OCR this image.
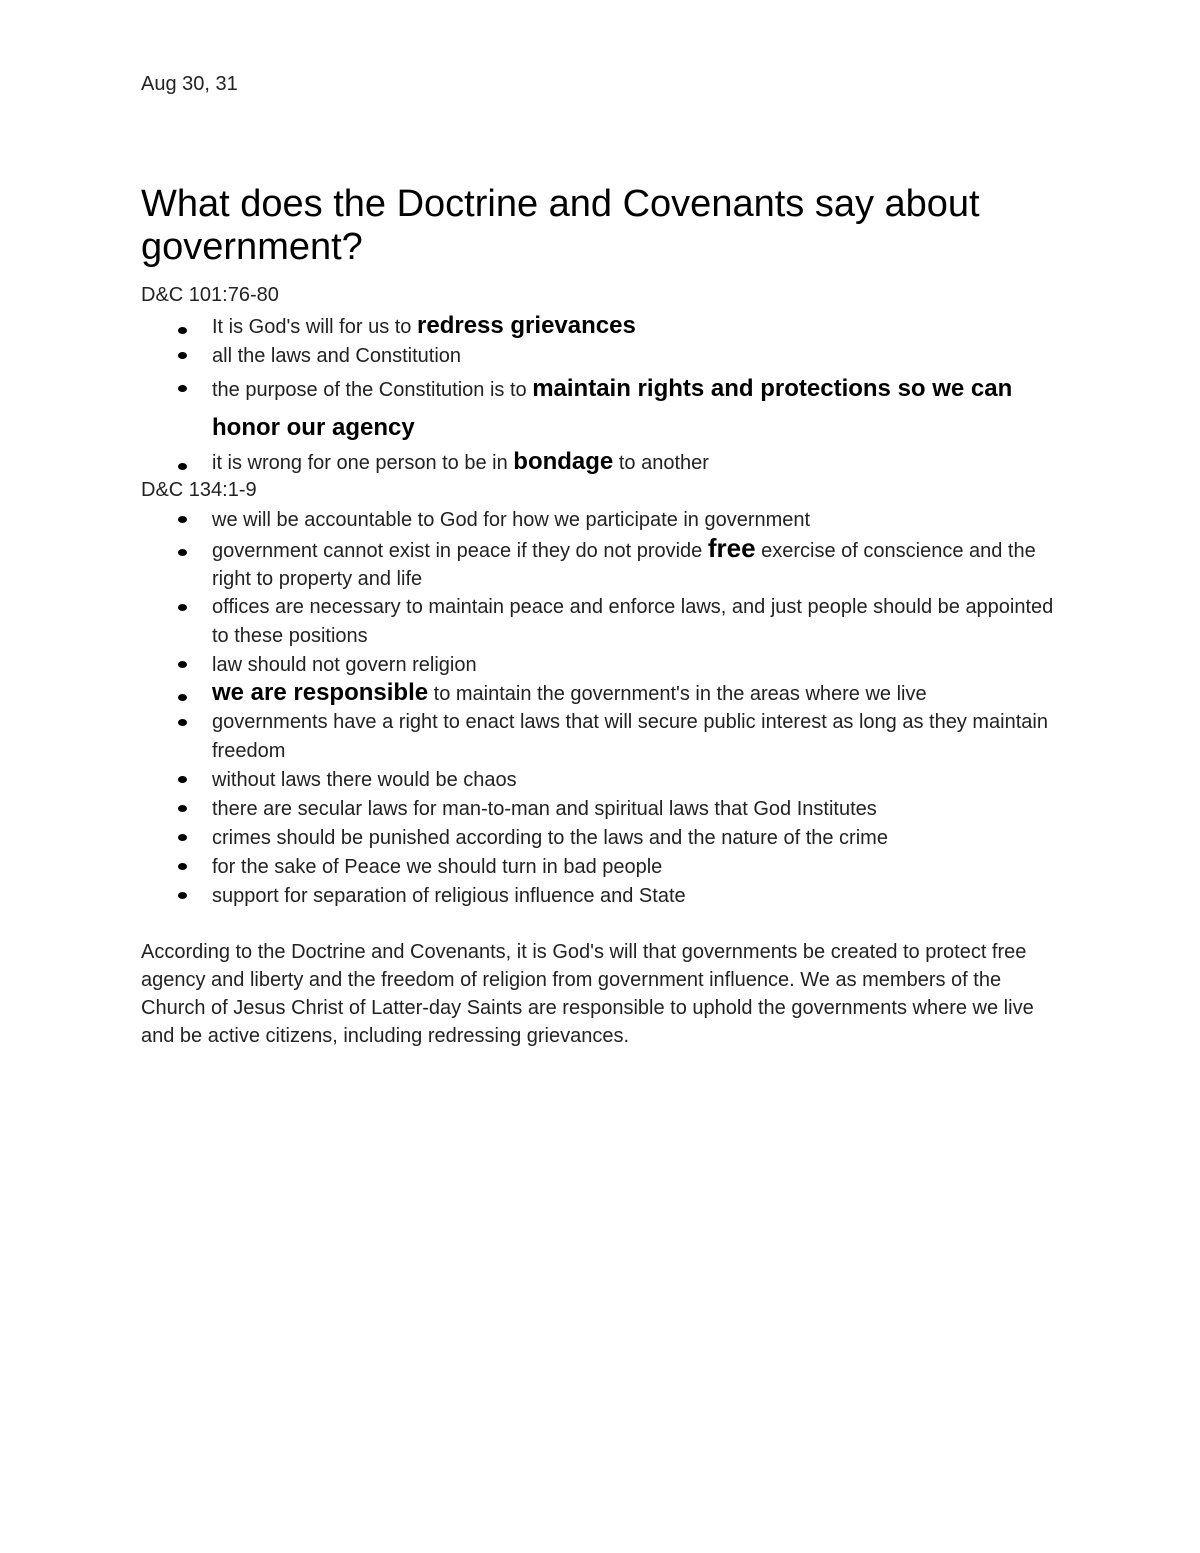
Aug 30, 31
What does the Doctrine and Covenants say about government?
D&C 101:76-80
It is God's will for us to redress grievances
all the laws and Constitution
the purpose of the Constitution is to maintain rights and protections so we can honor our agency
it is wrong for one person to be in bondage to another
D&C 134:1-9
we will be accountable to God for how we participate in government
government cannot exist in peace if they do not provide free exercise of conscience and the right to property and life
offices are necessary to maintain peace and enforce laws, and just people should be appointed to these positions
law should not govern religion
we are responsible to maintain the government's in the areas where we live
governments have a right to enact laws that will secure public interest as long as they maintain freedom
without laws there would be chaos
there are secular laws for man-to-man and spiritual laws that God Institutes
crimes should be punished according to the laws and the nature of the crime
for the sake of Peace we should turn in bad people
support for separation of religious influence and State

According to the Doctrine and Covenants, it is God's will that governments be created to protect free agency and liberty and the freedom of religion from government influence. We as members of the Church of Jesus Christ of Latter-day Saints are responsible to uphold the governments where we live and be active citizens, including redressing grievances.
